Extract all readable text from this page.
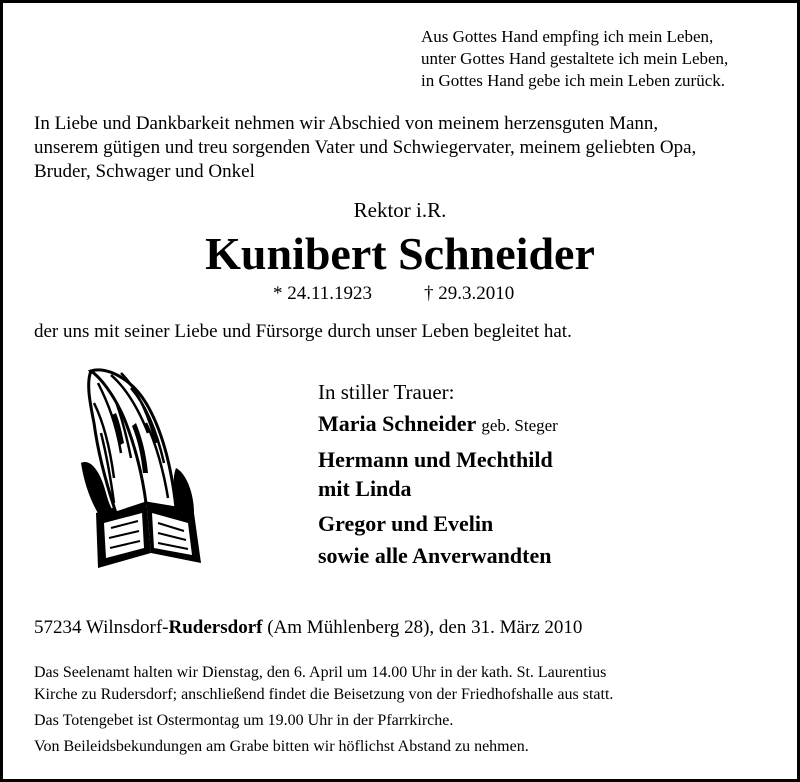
Aus Gottes Hand empfing ich mein Leben,
unter Gottes Hand gestaltete ich mein Leben,
in Gottes Hand gebe ich mein Leben zurück.
In Liebe und Dankbarkeit nehmen wir Abschied von meinem herzensguten Mann,
unserem gütigen und treu sorgenden Vater und Schwiegervater, meinem geliebten Opa,
Bruder, Schwager und Onkel
Rektor i.R.
Kunibert Schneider
* 24.11.1923	† 29.3.2010
der uns mit seiner Liebe und Fürsorge durch unser Leben begleitet hat.
In stiller Trauer:
Maria Schneider geb. Steger
Hermann und Mechthild
mit Linda
Gregor und Evelin
sowie alle Anverwandten
57234 Wilnsdorf-Rudersdorf (Am Mühlenberg 28), den 31. März 2010
Das Seelenamt halten wir Dienstag, den 6. April um 14.00 Uhr in der kath. St. Laurentius
Kirche zu Rudersdorf; anschließend findet die Beisetzung von der Friedhofshalle aus statt.
Das Totengebet ist Ostermontag um 19.00 Uhr in der Pfarrkirche.
Von Beileidsbekundungen am Grabe bitten wir höflichst Abstand zu nehmen.
